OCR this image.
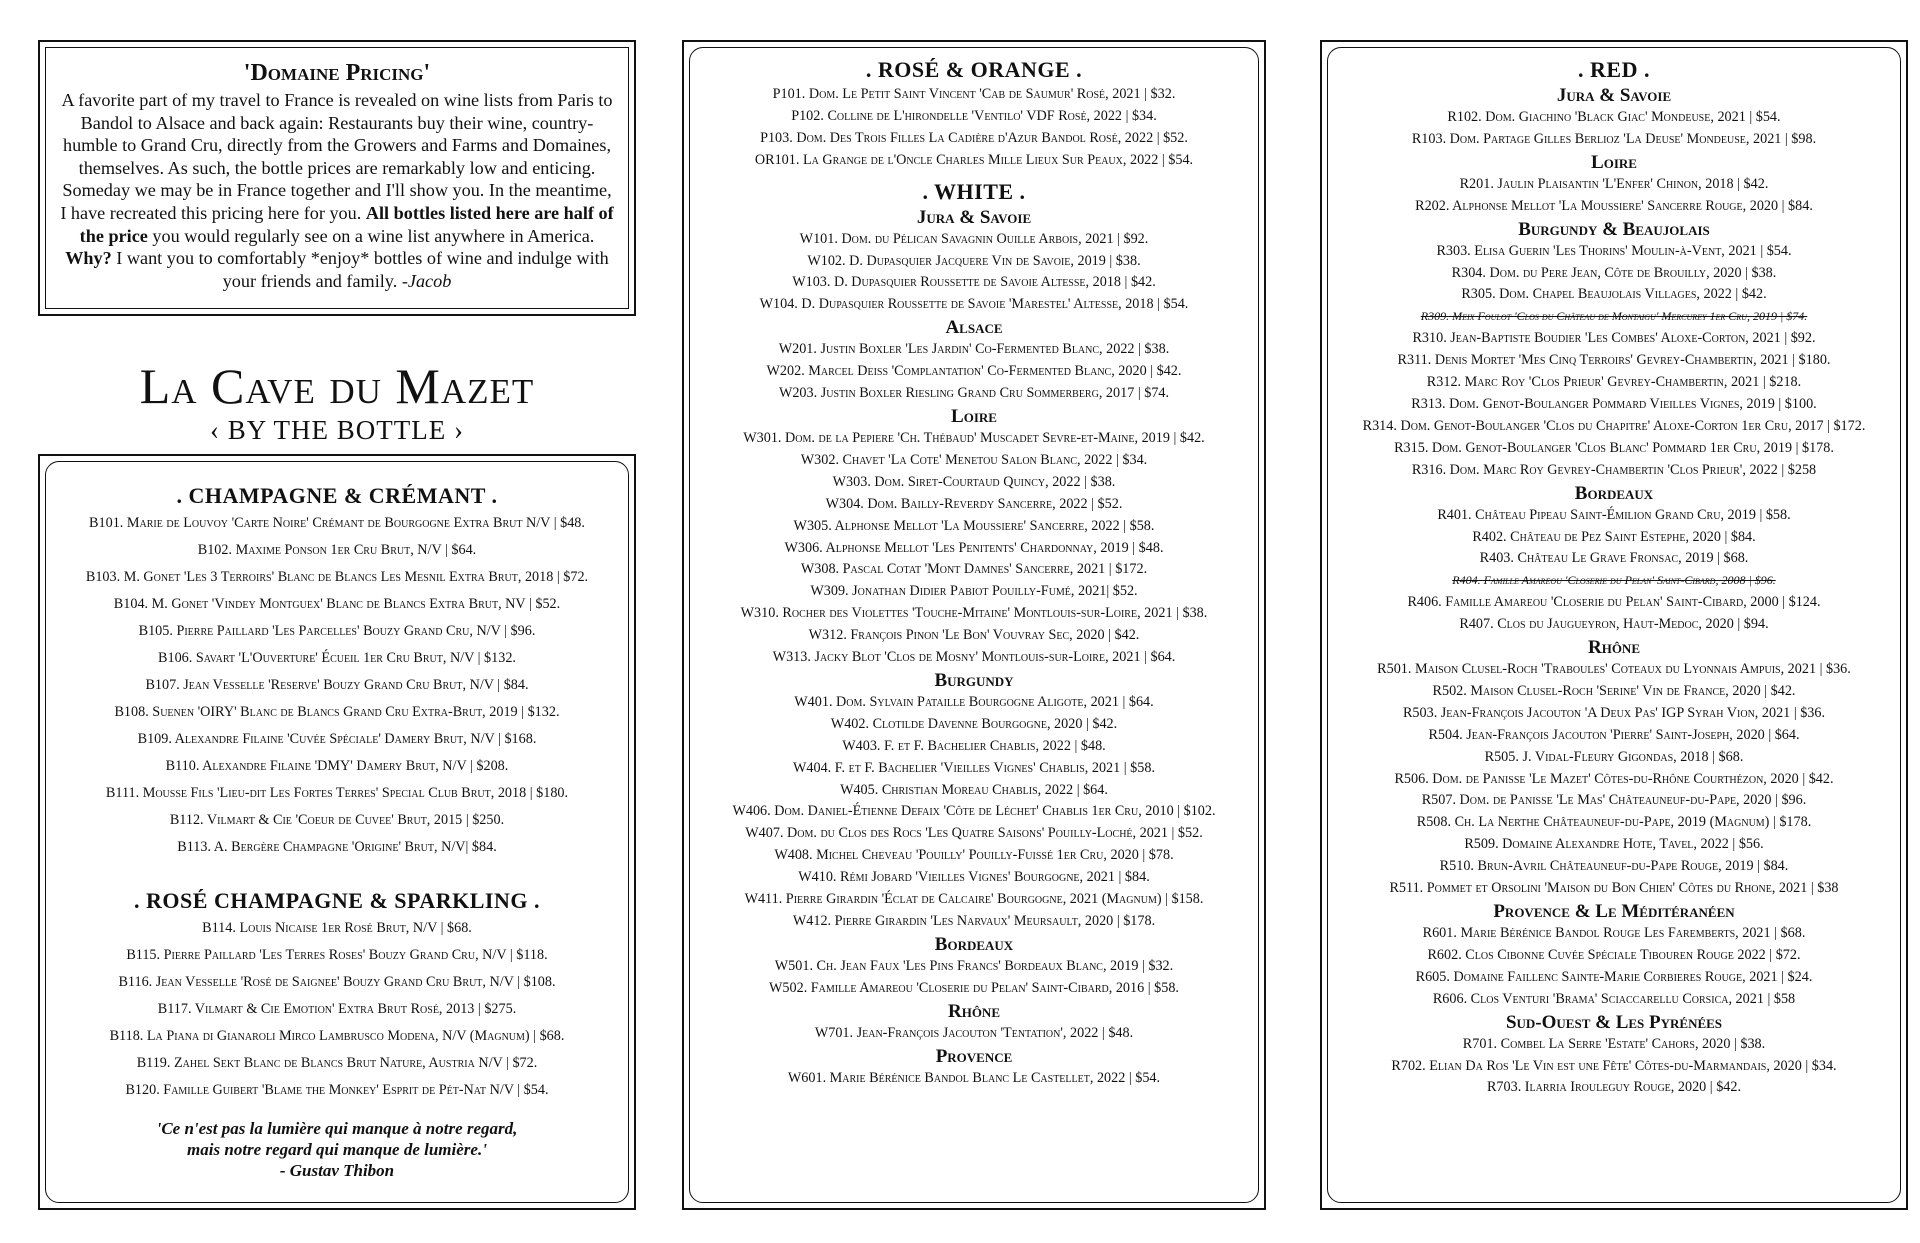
'Domaine Pricing'

A favorite part of my travel to France is revealed on wine lists from Paris to Bandol to Alsace and back again: Restaurants buy their wine, country-humble to Grand Cru, directly from the Growers and Farms and Domaines, themselves. As such, the bottle prices are remarkably low and enticing. Someday we may be in France together and I'll show you. In the meantime, I have recreated this pricing here for you. All bottles listed here are half of the price you would regularly see on a wine list anywhere in America. Why? I want you to comfortably *enjoy* bottles of wine and indulge with your friends and family. -Jacob

La Cave du Mazet
‹ BY THE BOTTLE ›
. CHAMPAGNE & CRÉMANT .
B101. Marie de Louvoy 'Carte Noire' Crémant de Bourgogne Extra Brut N/V | $48.
B102. Maxime Ponson 1er Cru Brut, N/V | $64.
B103. M. Gonet 'Les 3 Terroirs' Blanc de Blancs Les Mesnil Extra Brut, 2018 | $72.
B104. M. Gonet 'Vindey Montguex' Blanc de Blancs Extra Brut, NV | $52.
B105. Pierre Paillard 'Les Parcelles' Bouzy Grand Cru, N/V | $96.
B106. Savart 'L'Ouverture' Écueil 1er Cru Brut, N/V | $132.
B107. Jean Vesselle 'Reserve' Bouzy Grand Cru Brut, N/V | $84.
B108. Suenen 'OIRY' Blanc de Blancs Grand Cru Extra-Brut, 2019 | $132.
B109. Alexandre Filaine 'Cuvée Spéciale' Damery Brut, N/V | $168.
B110. Alexandre Filaine 'DMY' Damery Brut, N/V | $208.
B111. Mousse Fils 'Lieu-dit Les Fortes Terres' Special Club Brut, 2018 | $180.
B112. Vilmart & Cie 'Coeur de Cuvee' Brut, 2015 | $250.
B113. A. Bergère Champagne 'Origine' Brut, N/V| $84.
. ROSÉ CHAMPAGNE & SPARKLING .
B114. Louis Nicaise 1er Rosé Brut, N/V | $68.
B115. Pierre Paillard 'Les Terres Roses' Bouzy Grand Cru, N/V | $118.
B116. Jean Vesselle 'Rosé de Saignee' Bouzy Grand Cru Brut, N/V | $108.
B117. Vilmart & Cie Emotion' Extra Brut Rosé, 2013 | $275.
B118. La Piana di Gianaroli Mirco Lambrusco Modena, N/V (Magnum) | $68.
B119. Zahel Sekt Blanc de Blancs Brut Nature, Austria N/V | $72.
B120. Famille Guibert 'Blame the Monkey' Esprit de Pét-Nat N/V | $54.
'Ce n'est pas la lumière qui manque à notre regard,
mais notre regard qui manque de lumière.'
- Gustav Thibon
. ROSÉ & ORANGE .
P101. Dom. Le Petit Saint Vincent 'Cab de Saumur' Rosé, 2021 | $32.
P102. Colline de L'hirondelle 'Ventilo' VDF Rosé, 2022 | $34.
P103. Dom. Des Trois Filles La Cadière d'Azur Bandol Rosé, 2022 | $52.
OR101. La Grange de l'Oncle Charles Mille Lieux Sur Peaux, 2022 | $54.
. WHITE .
Jura & Savoie
W101. Dom. du Pélican Savagnin Ouille Arbois, 2021 | $92.
W102. D. Dupasquier Jacquere Vin de Savoie, 2019 | $38.
W103. D. Dupasquier Roussette de Savoie Altesse, 2018 | $42.
W104. D. Dupasquier Roussette de Savoie 'Marestel' Altesse, 2018 | $54.
Alsace
W201. Justin Boxler 'Les Jardin' Co-Fermented Blanc, 2022 | $38.
W202. Marcel Deiss 'Complantation' Co-Fermented Blanc, 2020 | $42.
W203. Justin Boxler Riesling Grand Cru Sommerberg, 2017 | $74.
Loire
W301. Dom. de la Pepiere 'Ch. Thébaud' Muscadet Sevre-et-Maine, 2019 | $42.
W302. Chavet 'La Cote' Menetou Salon Blanc, 2022 | $34.
W303. Dom. Siret-Courtaud Quincy, 2022 | $38.
W304. Dom. Bailly-Reverdy Sancerre, 2022 | $52.
W305. Alphonse Mellot 'La Moussiere' Sancerre, 2022 | $58.
W306. Alphonse Mellot 'Les Penitents' Chardonnay, 2019 | $48.
W308. Pascal Cotat 'Mont Damnes' Sancerre, 2021 | $172.
W309. Jonathan Didier Pabiot Pouilly-Fumé, 2021| $52.
W310. Rocher des Violettes 'Touche-Mitaine' Montlouis-sur-Loire, 2021 | $38.
W312. François Pinon 'Le Bon' Vouvray Sec, 2020 | $42.
W313. Jacky Blot 'Clos de Mosny' Montlouis-sur-Loire, 2021 | $64.
Burgundy
W401. Dom. Sylvain Pataille Bourgogne Aligote, 2021 | $64.
W402. Clotilde Davenne Bourgogne, 2020 | $42.
W403. F. et F. Bachelier Chablis, 2022 | $48.
W404. F. et F. Bachelier 'Vieilles Vignes' Chablis, 2021 | $58.
W405. Christian Moreau Chablis, 2022 | $64.
W406. Dom. Daniel-Étienne Defaix 'Côte de Léchet' Chablis 1er Cru, 2010 | $102.
W407. Dom. du Clos des Rocs 'Les Quatre Saisons' Pouilly-Loché, 2021 | $52.
W408. Michel Cheveau 'Pouilly' Pouilly-Fuissé 1er Cru, 2020 | $78.
W410. Rémi Jobard 'Vieilles Vignes' Bourgogne, 2021 | $84.
W411. Pierre Girardin 'Éclat de Calcaire' Bourgogne, 2021 (Magnum) | $158.
W412. Pierre Girardin 'Les Narvaux' Meursault, 2020 | $178.
Bordeaux
W501. Ch. Jean Faux 'Les Pins Francs' Bordeaux Blanc, 2019 | $32.
W502. Famille Amareou 'Closerie du Pelan' Saint-Cibard, 2016 | $58.
Rhône
W701. Jean-François Jacouton 'Tentation', 2022 | $48.
Provence
W601. Marie Bérénice Bandol Blanc Le Castellet, 2022 | $54.
. RED .
Jura & Savoie
R102. Dom. Giachino 'Black Giac' Mondeuse, 2021 | $54.
R103. Dom. Partage Gilles Berlioz 'La Deuse' Mondeuse, 2021 | $98.
Loire
R201. Jaulin Plaisantin 'L'Enfer' Chinon, 2018 | $42.
R202. Alphonse Mellot 'La Moussiere' Sancerre Rouge, 2020 | $84.
Burgundy & Beaujolais
R303. Elisa Guerin 'Les Thorins' Moulin-à-Vent, 2021 | $54.
R304. Dom. du Pere Jean, Côte de Brouilly, 2020 | $38.
R305. Dom. Chapel Beaujolais Villages, 2022 | $42.
R309. Meix Foulot 'Clos du Château de Montaigu' Mercurey 1er Cru, 2019 | $74.
R310. Jean-Baptiste Boudier 'Les Combes' Aloxe-Corton, 2021 | $92.
R311. Denis Mortet 'Mes Cinq Terroirs' Gevrey-Chambertin, 2021 | $180.
R312. Marc Roy 'Clos Prieur' Gevrey-Chambertin, 2021 | $218.
R313. Dom. Genot-Boulanger Pommard Vieilles Vignes, 2019 | $100.
R314. Dom. Genot-Boulanger 'Clos du Chapitre' Aloxe-Corton 1er Cru, 2017 | $172.
R315. Dom. Genot-Boulanger 'Clos Blanc' Pommard 1er Cru, 2019 | $178.
R316. Dom. Marc Roy Gevrey-Chambertin 'Clos Prieur', 2022 | $258
Bordeaux
R401. Château Pipeau Saint-Émilion Grand Cru, 2019 | $58.
R402. Château de Pez Saint Estephe, 2020 | $84.
R403. Château Le Grave Fronsac, 2019 | $68.
R404. Famille Amareou 'Closerie du Pelan' Saint-Cibard, 2008 | $96.
R406. Famille Amareou 'Closerie du Pelan' Saint-Cibard, 2000 | $124.
R407. Clos du Jaugueyron, Haut-Medoc, 2020 | $94.
Rhône
R501. Maison Clusel-Roch 'Traboules' Coteaux du Lyonnais Ampuis, 2021 | $36.
R502. Maison Clusel-Roch 'Serine' Vin de France, 2020 | $42.
R503. Jean-François Jacouton 'A Deux Pas' IGP Syrah Vion, 2021 | $36.
R504. Jean-François Jacouton 'Pierre' Saint-Joseph, 2020 | $64.
R505. J. Vidal-Fleury Gigondas, 2018 | $68.
R506. Dom. de Panisse 'Le Mazet' Côtes-du-Rhône Courthézon, 2020 | $42.
R507. Dom. de Panisse 'Le Mas' Châteauneuf-du-Pape, 2020 | $96.
R508. Ch. La Nerthe Châteauneuf-du-Pape, 2019 (Magnum) | $178.
R509. Domaine Alexandre Hote, Tavel, 2022 | $56.
R510. Brun-Avril Châteauneuf-du-Pape Rouge, 2019 | $84.
R511. Pommet et Orsolini 'Maison du Bon Chien' Côtes du Rhone, 2021 | $38
Provence & Le Méditéranéen
R601. Marie Bérénice Bandol Rouge Les Faremberts, 2021 | $68.
R602. Clos Cibonne Cuvée Spéciale Tibouren Rouge 2022 | $72.
R605. Domaine Faillenc Sainte-Marie Corbieres Rouge, 2021 | $24.
R606. Clos Venturi 'Brama' Sciaccarellu Corsica, 2021 | $58
Sud-Ouest & Les Pyrénées
R701. Combel La Serre 'Estate' Cahors, 2020 | $38.
R702. Elian Da Ros 'Le Vin est une Fête' Côtes-du-Marmandais, 2020 | $34.
R703. Ilarria Irouleguy Rouge, 2020 | $42.
